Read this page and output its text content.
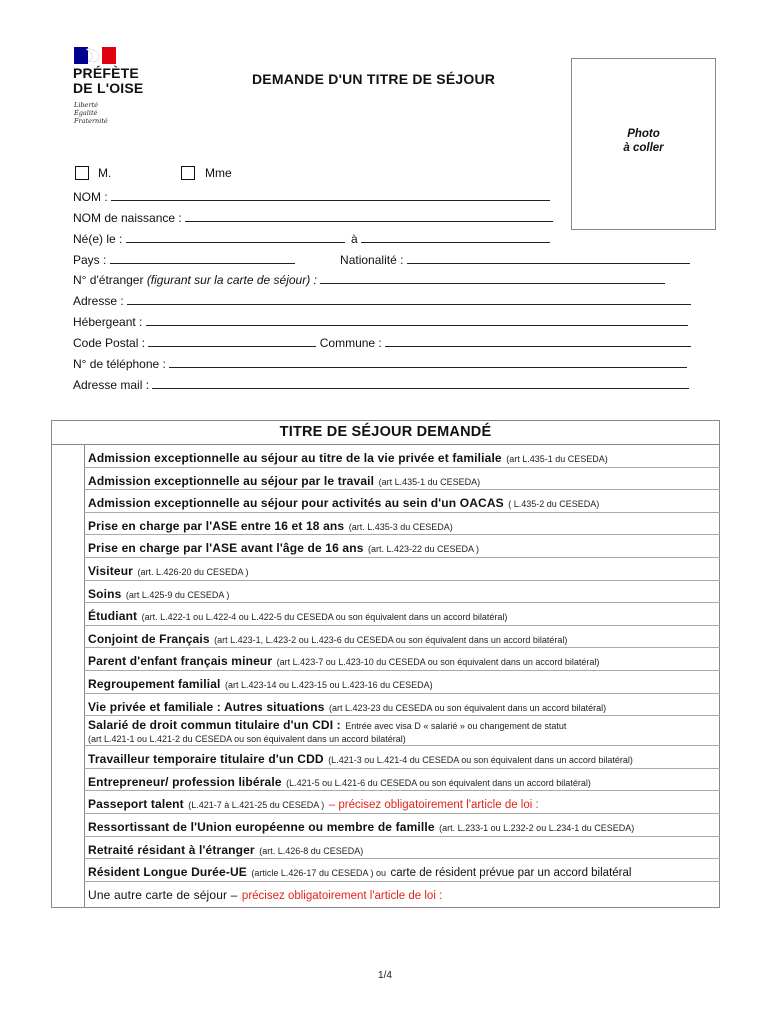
PRÉFÈTE
DE L'OISE
Liberté
Égalité
Fraternité
DEMANDE D'UN TITRE DE SÉJOUR
Photo
à coller
M.	Mme
NOM :
NOM de naissance :
Né(e) le :	à
Pays :	Nationalité :
N° d'étranger (figurant sur la carte de séjour) :
Adresse :
Hébergeant :
Code Postal :	Commune :
N° de téléphone :
Adresse mail :
TITRE DE SÉJOUR DEMANDÉ
Admission exceptionnelle au séjour au titre de la vie privée et familiale (art L.435-1 du CESEDA)
Admission exceptionnelle au séjour par le travail (art L.435-1 du CESEDA)
Admission exceptionnelle au séjour pour activités au sein d'un OACAS ( L.435-2 du CESEDA)
Prise en charge par l'ASE entre 16 et 18 ans (art. L.435-3 du CESEDA)
Prise en charge par l'ASE avant l'âge de 16 ans (art. L.423-22 du CESEDA )
Visiteur (art. L.426-20 du CESEDA )
Soins (art L.425-9 du CESEDA )
Étudiant (art. L.422-1 ou L.422-4 ou L.422-5 du CESEDA ou son équivalent dans un accord bilatéral)
Conjoint de Français (art L.423-1, L.423-2 ou L.423-6 du CESEDA ou son équivalent dans un accord bilatéral)
Parent d'enfant français mineur (art L.423-7 ou L.423-10 du CESEDA ou son équivalent dans un accord bilatéral)
Regroupement familial (art L.423-14 ou L.423-15 ou L.423-16 du CESEDA)
Vie privée et familiale : Autres situations (art L.423-23 du CESEDA ou son équivalent dans un accord bilatéral)
Salarié de droit commun titulaire d'un CDI : Entrée avec visa D « salarié » ou changement de statut
(art L.421-1 ou L.421-2 du CESEDA ou son équivalent dans un accord bilatéral)
Travailleur temporaire titulaire d'un CDD (L.421-3 ou L.421-4 du CESEDA ou son équivalent dans un accord bilatéral)
Entrepreneur/ profession libérale (L.421-5 ou L.421-6 du CESEDA ou son équivalent dans un accord bilatéral)
Passeport talent (L.421-7 à L.421-25 du CESEDA ) – précisez obligatoirement l'article de loi :
Ressortissant de l'Union européenne ou membre de famille (art. L.233-1 ou L.232-2 ou L.234-1 du CESEDA)
Retraité résidant à l'étranger (art. L.426-8 du CESEDA)
Résident Longue Durée-UE (article L.426-17 du CESEDA ) ou carte de résident prévue par un accord bilatéral
Une autre carte de séjour – précisez obligatoirement l'article de loi :
1/4
